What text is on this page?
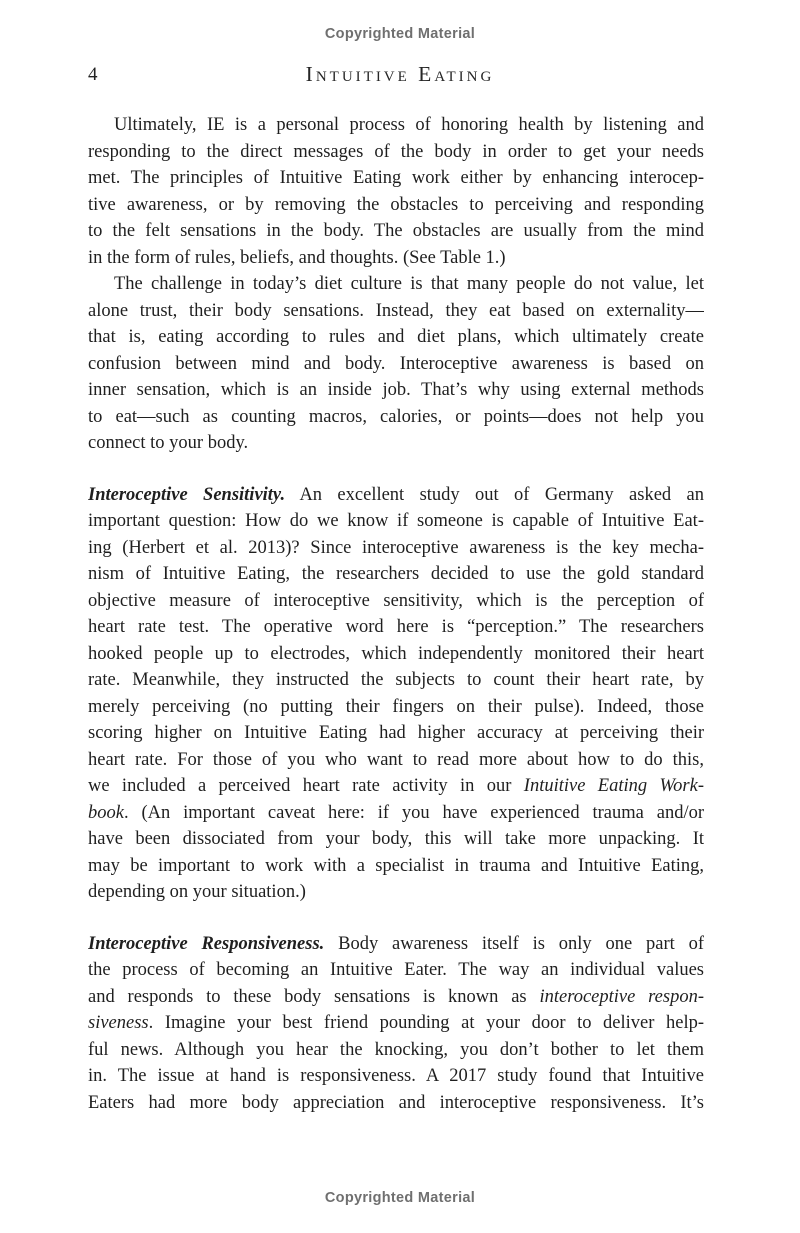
Copyrighted Material
4	Intuitive Eating
Ultimately, IE is a personal process of honoring health by listening and
responding to the direct messages of the body in order to get your needs
met. The principles of Intuitive Eating work either by enhancing interocep-
tive awareness, or by removing the obstacles to perceiving and responding
to the felt sensations in the body. The obstacles are usually from the mind
in the form of rules, beliefs, and thoughts. (See Table 1.)
The challenge in today’s diet culture is that many people do not value, let
alone trust, their body sensations. Instead, they eat based on externality—
that is, eating according to rules and diet plans, which ultimately create
confusion between mind and body. Interoceptive awareness is based on
inner sensation, which is an inside job. That’s why using external methods
to eat—such as counting macros, calories, or points—does not help you
connect to your body.
Interoceptive Sensitivity. An excellent study out of Germany asked an
important question: How do we know if someone is capable of Intuitive Eat-
ing (Herbert et al. 2013)? Since interoceptive awareness is the key mecha-
nism of Intuitive Eating, the researchers decided to use the gold standard
objective measure of interoceptive sensitivity, which is the perception of
heart rate test. The operative word here is “perception.” The researchers
hooked people up to electrodes, which independently monitored their heart
rate. Meanwhile, they instructed the subjects to count their heart rate, by
merely perceiving (no putting their fingers on their pulse). Indeed, those
scoring higher on Intuitive Eating had higher accuracy at perceiving their
heart rate. For those of you who want to read more about how to do this,
we included a perceived heart rate activity in our Intuitive Eating Work-
book. (An important caveat here: if you have experienced trauma and/or
have been dissociated from your body, this will take more unpacking. It
may be important to work with a specialist in trauma and Intuitive Eating,
depending on your situation.)
Interoceptive Responsiveness. Body awareness itself is only one part of
the process of becoming an Intuitive Eater. The way an individual values
and responds to these body sensations is known as interoceptive respon-
siveness. Imagine your best friend pounding at your door to deliver help-
ful news. Although you hear the knocking, you don’t bother to let them
in. The issue at hand is responsiveness. A 2017 study found that Intuitive
Eaters had more body appreciation and interoceptive responsiveness. It’s
Copyrighted Material
